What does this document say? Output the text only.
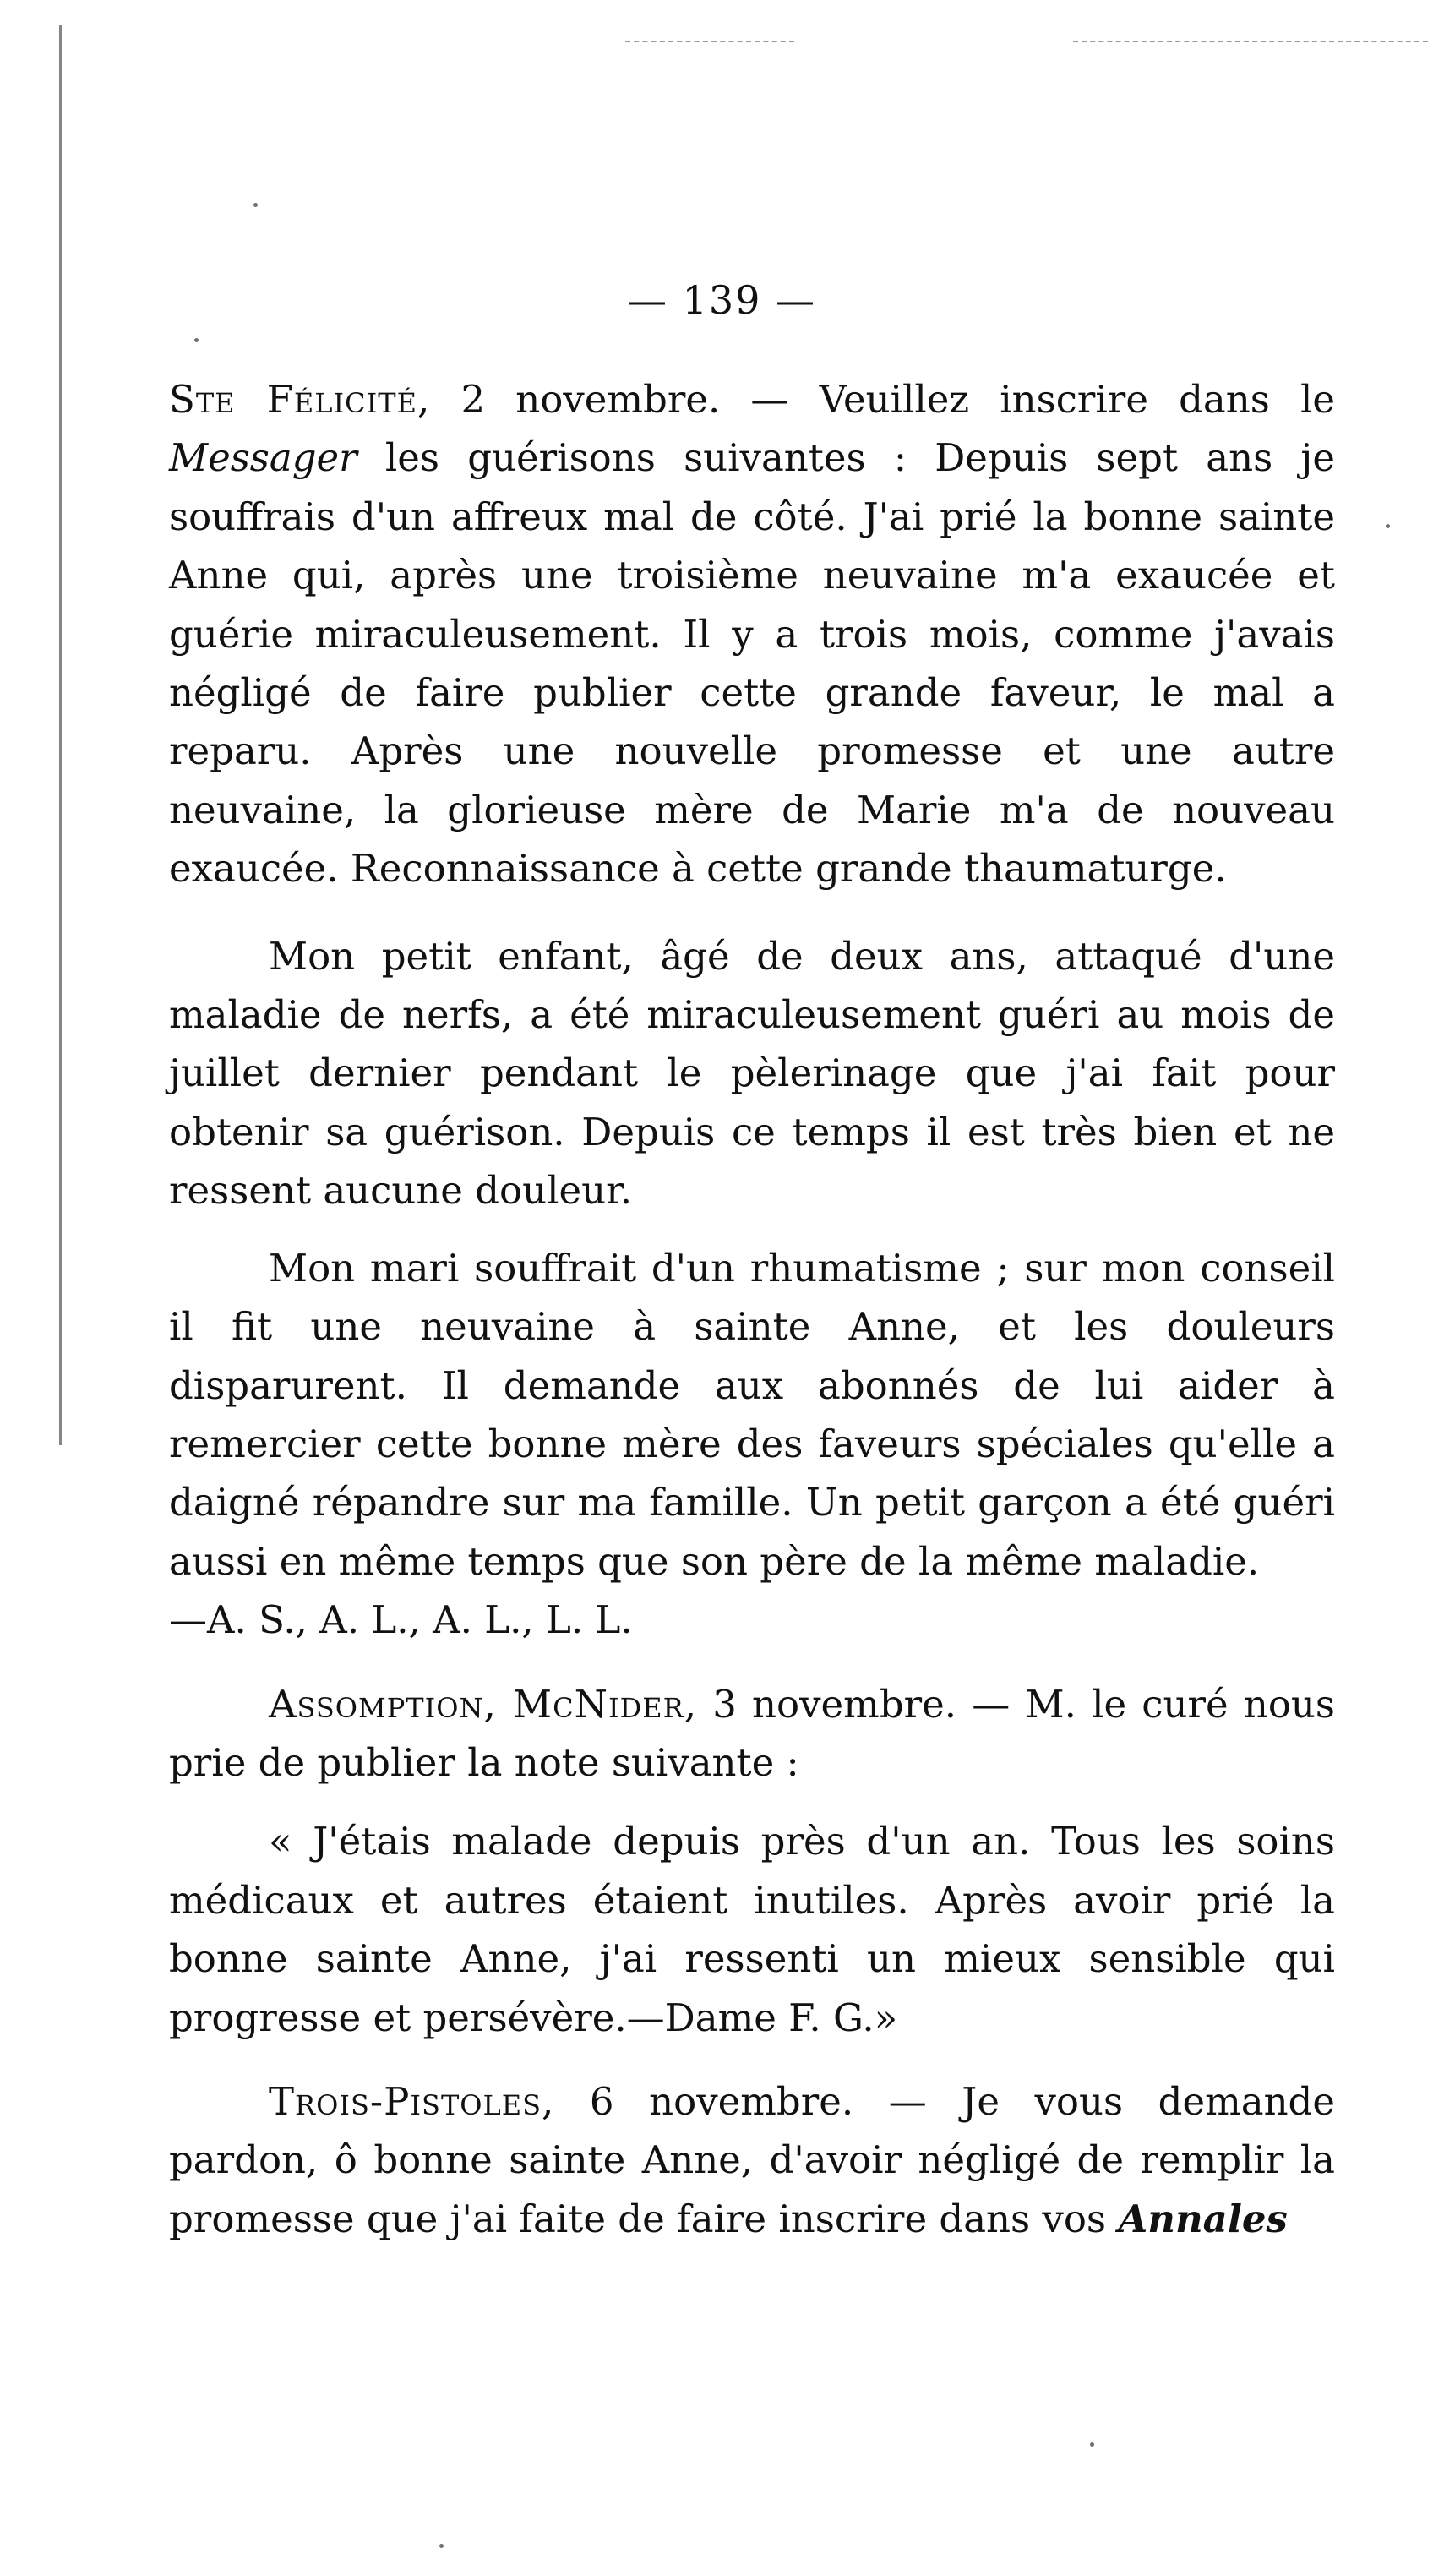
— 139 —

Ste Félicité, 2 novembre. — Veuillez inscrire dans le Messager les guérisons suivantes : Depuis sept ans je souffrais d'un affreux mal de côté. J'ai prié la bonne sainte Anne qui, après une troisième neuvaine m'a exaucée et guérie miraculeusement. Il y a trois mois, comme j'avais négligé de faire publier cette grande faveur, le mal a reparu. Après une nouvelle promesse et une autre neuvaine, la glorieuse mère de Marie m'a de nouveau exaucée. Reconnaissance à cette grande thaumaturge.

Mon petit enfant, âgé de deux ans, attaqué d'une maladie de nerfs, a été miraculeusement guéri au mois de juillet dernier pendant le pèlerinage que j'ai fait pour obtenir sa guérison. Depuis ce temps il est très bien et ne ressent aucune douleur.

Mon mari souffrait d'un rhumatisme ; sur mon conseil il fit une neuvaine à sainte Anne, et les douleurs disparurent. Il demande aux abonnés de lui aider à remercier cette bonne mère des faveurs spéciales qu'elle a daigné répandre sur ma famille. Un petit garçon a été guéri aussi en même temps que son père de la même maladie.
—A. S., A. L., A. L., L. L.

Assomption, McNider, 3 novembre. — M. le curé nous prie de publier la note suivante :

« J'étais malade depuis près d'un an. Tous les soins médicaux et autres étaient inutiles. Après avoir prié la bonne sainte Anne, j'ai ressenti un mieux sensible qui progresse et persévère.—Dame F. G.»

Trois-Pistoles, 6 novembre. — Je vous demande pardon, ô bonne sainte Anne, d'avoir négligé de remplir la promesse que j'ai faite de faire inscrire dans vos Annales
